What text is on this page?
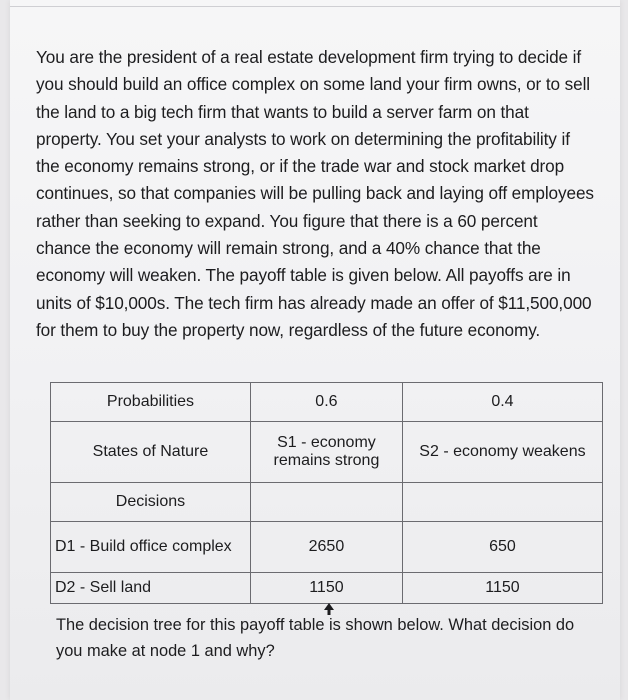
You are the president of a real estate development firm trying to decide if you should build an office complex on some land your firm owns, or to sell the land to a big tech firm that wants to build a server farm on that property. You set your analysts to work on determining the profitability if the economy remains strong, or if the trade war and stock market drop continues, so that companies will be pulling back and laying off employees rather than seeking to expand. You figure that there is a 60 percent chance the economy will remain strong, and a 40% chance that the economy will weaken. The payoff table is given below. All payoffs are in units of $10,000s. The tech firm has already made an offer of $11,500,000 for them to buy the property now, regardless of the future economy.

Probabilities	0.6	0.4
States of Nature	S1 - economy remains strong	S2 - economy weakens
Decisions		
D1 - Build office complex	2650	650
D2 - Sell land	1150	1150

The decision tree for this payoff table is shown below. What decision do you make at node 1 and why?
